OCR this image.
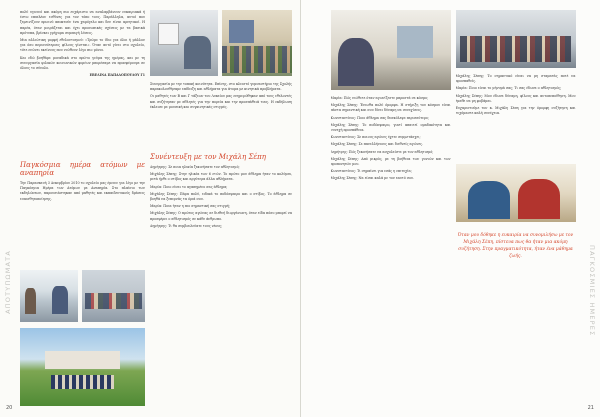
ΑΠΟΤΥΠΩΜΑΤΑ
20

πολύ υγιεινό και ακόμη πιο ευχάριστο να αναλαμβάνουν ευκαιριακά ή έστω επιπλέον ευθύνες για τον τόπο τους. Παράλληλα, αυτοί που ξεμεινίζουν πρωινό αποκτούν ένα χαμόγελο και δεν είναι αρνητικοί. Η παρέα, όταν μοιράζεται και έχει προσωπικές σχέσεις με τα βασικά πρότυπα, βρίσκει γρήγορα συμπαγή λύσεις.

Μια αλλιώτικη μορφή εθελοντισμού: «Τρώμε το ίδιο για όλοι ή μάλλον για όσο περισσότερους φίλους γίνεται». Όταν αυτό γίνει στο σχολείο, τότε ενώνει εκείνους που νιώθουν λίγο πιο μόνοι.

Και εδώ βοηθάμε μοναδικά στο πρώτο γεύμα της ημέρας, και με τη συνεργασία φιλικών κοινωνικών φορέων μπορέσαμε να προσφέρουμε σε όλους το σύνολο.

ΕΒΕΛΙΝΑ ΠΑΠΑΔΟΠΟΥΛΟΥ Γ1
Παγκόσμια ημέρα ατόμων με αναπηρία

Την Παρασκευή 3 Δεκεμβρίου 2010 το σχολείο μας έμεινε για λίγο με την Παγκόσμια Ημέρα των Ατόμων με Αναπηρία. Στο πλαίσιο των εκδηλώσεων, παρουσιάστηκαν από μαθητές και εκπαιδευτικούς δράσεις ευαισθητοποίησης.

Συνεργασία με την τοπική κοινότητα. Επίσης, στο κλειστό γυμναστήριο της Σχολής παρακολουθήσαμε επίδειξη και αθλήματα για άτομα με κινητικά προβλήματα.

Οι μαθητές των Β και Γ τάξεων του Λυκείου μας ενημερώθηκαν από τους εθελοντές και συζήτησαν με αθλητές για την πορεία και την προσπάθειά τους. Η εκδήλωση έκλεισε με μουσική και συγκινητικές στιγμές.

Συνέντευξη με τον Μιχάλη Σέπη

Δημήτρης: Σε ποια ηλικία ξεκινήσατε τον αθλητισμό;

Μιχάλης Σέπης: Στην ηλικία των 6 ετών. Το πρώτο μου άθλημα ήταν το κολύμπι, μετά ήρθε ο στίβος και αργότερα άλλα αθλήματα.

Μαρία: Ποιο είναι το αγαπημένο σας άθλημα;

Μιχάλης Σέπης: Πάρα πολύ, ειδικά το ποδόσφαιρο και ο στίβος. Το άθλημα σε βοηθά να ξεπερνάς τα όριά σου.

Μαρία: Ποια ήταν η πιο σημαντική σας στιγμή;

Μιχάλης Σέπης: Ο πρώτος αγώνας σε διεθνή διοργάνωση, όταν είδα πόσο μπορεί να προσφέρει ο αθλητισμός σε κάθε άνθρωπο.

Δημήτρης: Τι θα συμβουλεύατε τους νέους;

ΠΑΓΚΟΣΜΙΕΣ ΗΜΕΡΕΣ
21

Μαρία: Πώς νιώθετε όταν αγωνίζεστε μπροστά σε κόσμο;

Μιχάλης Σέπης: Ένιωθα πολύ όμορφα. Η στήριξη του κόσμου είναι πάντα σημαντική και σου δίνει δύναμη να συνεχίσεις.

Κωνσταντίνος: Ποιο άθλημα σας δυσκόλεψε περισσότερο;

Μιχάλης Σέπης: Το ποδόσφαιρο, γιατί απαιτεί ομαδικότητα και συνεχή προσπάθεια.

Κωνσταντίνος: Σε ποιους αγώνες έχετε συμμετάσχει;

Μιχάλης Σέπης: Σε πανελλήνιους και διεθνείς αγώνες.

Δημήτρης: Πώς ξεκινήσατε να ασχολείστε με τον αθλητισμό;

Μιχάλης Σέπης: Από μικρός, με τη βοήθεια των γονιών και των προπονητών μου.

Κωνσταντίνος: Τι σημαίνει για εσάς η επιτυχία;

Μιχάλης Σέπης: Να είσαι καλά με τον εαυτό σου.

Μιχάλης Σέπης: Το σημαντικό είναι να μη σταματάς ποτέ να προσπαθείς.

Μαρία: Ποιο είναι το μήνυμά σας; Τι σας έδωσε ο αθλητισμός;

Μιχάλης Σέπης: Μου έδωσε δύναμη, φίλους και αυτοπεποίθηση. Μου έμαθε να μη φοβάμαι.

Ευχαριστούμε τον κ. Μιχάλη Σέπη για την όμορφη συζήτηση και ευχόμαστε καλή συνέχεια.

Όταν μου δόθηκε η ευκαιρία να συνομιλήσω με τον Μιχάλη Σέπη, πίστευα πως θα ήταν μια ακόμη συζήτηση. Στην πραγματικότητα, ήταν ένα μάθημα ζωής.
